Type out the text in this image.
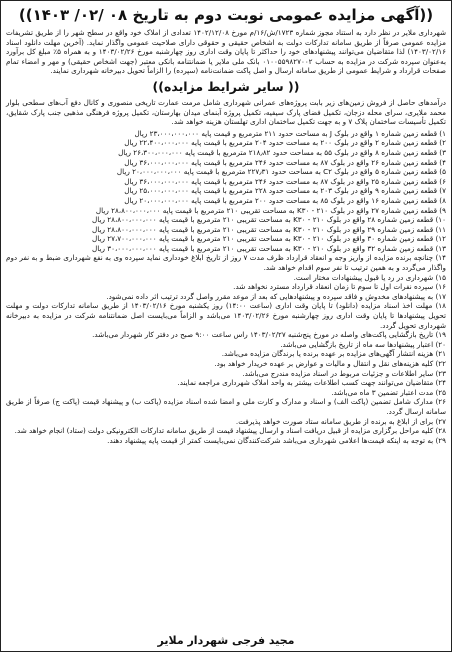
((آگهی مزایده عمومی نوبت دوم به تاریخ ۰۸ /۰۲/ ۱۴۰۳))

شهرداری ملایر در نظر دارد به استناد مجوز شماره ۱۷۲۳/ش/۱۶/م مورخ ۱۴۰۲/۱۲/۰۸ تعدادی از املاک خود واقع در سطح شهر را از طریق تشریفات مزایده عمومی صرفاً از طریق سامانه تدارکات دولت به اشخاص حقیقی و حقوقی دارای صلاحیت عمومی واگذار نماید. (آخرین مهلت دانلود اسناد ۱۴۰۳/۰۲/۱۶) لذا متقاضیان می‌توانند پیشنهادهای خود را حداکثر تا پایان وقت اداری روز چهارشنبه مورخ ۱۴۰۳/۰۲/۲۶ و به همراه ۵٪ مبلغ کل برآورد به‌عنوان سپرده شرکت در مزایده به حساب ۰۱۰۰۵۵۹۸۲۷۰۰۲ بانک ملی ملایر یا ضمانتنامه بانکی معتبر (جهت اشخاص حقیقی) و مهر و امضاء تمام صفحات قرارداد و شرایط عمومی از طریق سامانه ارسال و اصل پاکت ضمانت‌نامه (سپرده) را الزاماً تحویل دبیرخانه شهرداری نمایند.

(( سایر شرایط مزایده))

درآمدهای حاصل از فروش زمین‌های زیر بابت پروژه‌های عمرانی شهرداری شامل مرمت عمارت تاریخی منصوری و کانال دفع آب‌های سطحی بلوار محمد ملایری، سرای محله دزجان، تکمیل فضای پارک سیفیه، تکمیل پروژه آبنمای میدان بهارستان، تکمیل پروژه فرهنگی مذهبی جنب پارک شقایق، تکمیل تأسیسات ساختمان پلاک ۷ و به جهت تکمیل ساختمان اداری تهلستان هزینه خواهد شد.

۱) قطعه زمین شماره ۱ واقع در بلوک J به مساحت حدود ۲۱۱ مترمربع و قیمت پایه ۲۳،۰۰۰،۰۰۰،۰۰۰ ریال
۲) قطعه زمین شماره ۲ واقع در بلوک ۲۰۰ به مساحت حدود ۲۰۴ مترمربع با قیمت پایه ۲۲،۴۰۰،۰۰۰،۰۰۰ ریال
۳) قطعه زمین شماره ۸ واقع در بلوک ۵۵ به مساحت حدود ۲۱۸٫۸۲ مترمربع با قیمت پایه ۲۶،۳۰۰،۰۰۰،۰۰۰ ریال
۴) قطعه زمین شماره ۲۶ واقع در بلوک ۸۷ به مساحت حدود ۲۴۶ مترمربع با قیمت پایه ۳۶،۰۰۰،۰۰۰،۰۰۰ ریال
۵) قطعه زمین شماره ۵ واقع در بلوک C۲ به مساحت حدود ۲۲۷٫۳۱ مترمربع با قیمت پایه ۲۰،۰۰۰،۰۰۰،۰۰۰ ریال
۶) قطعه زمین شماره ۲۵ واقع در بلوک ۸۷ به مساحت حدود ۲۴۶ مترمربع با قیمت پایه ۳۶،۰۰۰،۰۰۰،۰۰۰ ریال
۷) قطعه زمین شماره ۹ واقع در بلوک ۲۰۳ به مساحت حدود ۲۲۸ مترمربع با قیمت پایه ۲۵،۰۰۰،۰۰۰،۰۰۰ ریال
۸) قطعه زمین شماره ۱۶ واقع در بلوک ۸۵ به مساحت حدود ۲۰۰ مترمربع با قیمت پایه ۲۰،۰۰۰،۰۰۰،۰۰۰ ریال
۹) قطعه زمین شماره ۲۷ واقع در بلوک ۲۱۰ - K۳۰ به مساحت تقریبی ۲۱۰ مترمربع با قیمت پایه ۲۸،۸۰۰،۰۰۰،۰۰۰ ریال
۱۰) قطعه زمین شماره ۲۸ واقع در بلوک ۲۱۰ - K۳۰ به مساحت تقریبی ۲۱۰ مترمربع با قیمت پایه ۲۸،۸۰۰،۰۰۰،۰۰۰ ریال
۱۱) قطعه زمین شماره ۲۹ واقع در بلوک ۲۱۰ - K۳۰ به مساحت تقریبی ۲۱۰ مترمربع با قیمت پایه ۲۸،۸۰۰،۰۰۰،۰۰۰ ریال
۱۲) قطعه زمین شماره ۳۰ واقع در بلوک ۲۱۰ - K۳۰ به مساحت تقریبی ۲۱۰ مترمربع با قیمت پایه ۲۷،۷۰۰،۰۰۰،۰۰۰ ریال
۱۳) قطعه زمین شماره ۳۲ واقع در بلوک ۲۱۰ - K۳۰ به مساحت تقریبی ۲۱۰ مترمربع با قیمت پایه ۳۰،۰۰۰،۰۰۰،۰۰۰ ریال
۱۴) چنانچه برنده مزایده از واریز وجه و انعقاد قرارداد ظرف مدت ۷ روز از تاریخ ابلاغ خودداری نماید سپرده وی به نفع شهرداری ضبط و به نفر دوم واگذار می‌گردد و به همین ترتیب تا نفر سوم اقدام خواهد شد.
۱۵) شهرداری در رد یا قبول پیشنهادات مختار است.
۱۶) سپرده نفرات اول تا سوم تا زمان انعقاد قرارداد مسترد نخواهد شد.
۱۷) به پیشنهادهای مخدوش و فاقد سپرده و پیشنهادهایی که بعد از موعد مقرر واصل گردد ترتیب اثر داده نمی‌شود.
۱۸) مهلت اخذ اسناد مزایده (دانلود) تا پایان وقت اداری (ساعت ۱۴:۰۰) روز یکشنبه مورخ ۱۴۰۳/۰۲/۱۶ از طریق سامانه تدارکات دولت و مهلت تحویل پیشنهادها تا پایان وقت اداری روز چهارشنبه مورخ ۱۴۰۳/۰۲/۲۶ می‌باشد و الزاماً می‌بایست اصل ضمانتنامه شرکت در مزایده به دبیرخانه شهرداری تحویل گردد.
۱۹) تاریخ بازگشایی پاکت‌های واصله در مورخ پنج‌شنبه ۱۴۰۳/۰۲/۲۷ راس ساعت ۹:۰۰ صبح در دفتر کار شهردار می‌باشد.
۲۰) اعتبار پیشنهادها سه ماه از تاریخ بازگشایی می‌باشد.
۲۱) هزینه انتشار آگهی‌های مزایده بر عهده برنده یا برندگان مزایده می‌باشد.
۲۲) کلیه هزینه‌های نقل و انتقال و مالیات و عوارض بر عهده خریدار خواهد بود.
۲۳) سایر اطلاعات و جزئیات مربوط در اسناد مزایده مندرج می‌باشد.
۲۴) متقاضیان می‌توانند جهت کسب اطلاعات بیشتر به واحد املاک شهرداری مراجعه نمایند.
۲۵) مدت اعتبار تضمین ۳ ماه می‌باشد.
۲۶) مدارک شامل تضمین (پاکت الف) و اسناد و مدارک و کارت ملی و امضا شده اسناد مزایده (پاکت ب) و پیشنهاد قیمت (پاکت ج) صرفاً از طریق سامانه ارسال گردد.
۲۷) برای از ابلاغ به برنده از طریق سامانه ستاد صورت خواهد پذیرفت.
۲۸) کلیه مراحل برگزاری مزایده از قبیل دریافت اسناد و ارسال پیشنهاد قیمت از طریق سامانه تدارکات الکترونیکی دولت (ستاد) انجام خواهد شد.
۲۹) به توجه به اینکه قیمت‌ها اعلامی شهرداری می‌باشد شرکت‌کنندگان نمی‌بایست کمتر از قیمت پایه پیشنهاد دهند.
مجید فرجی شهردار ملایر
